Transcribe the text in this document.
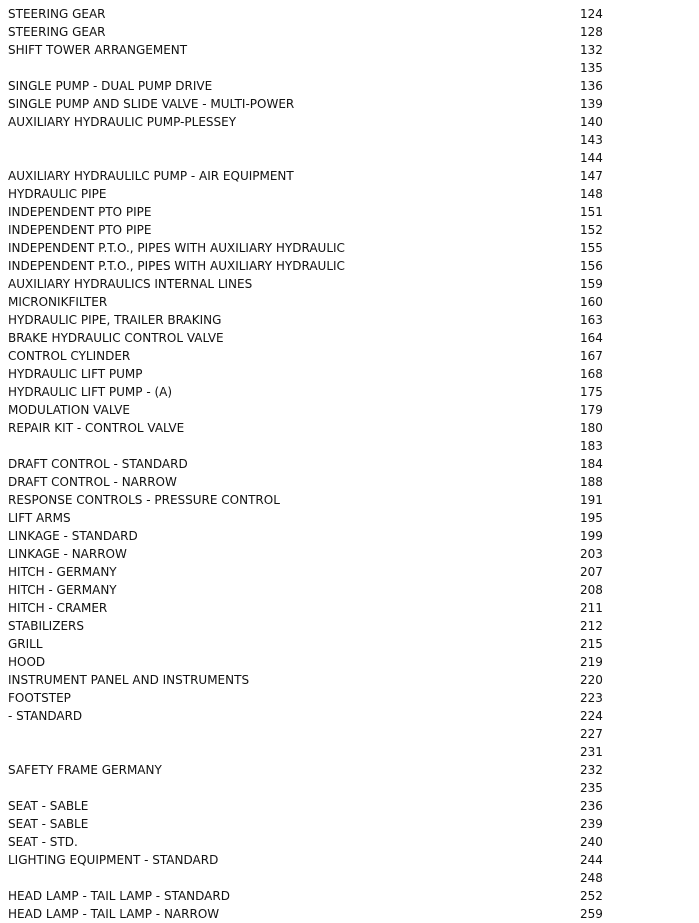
STEERING GEAR	124
STEERING GEAR	128
SHIFT TOWER ARRANGEMENT	132
135
SINGLE PUMP - DUAL PUMP DRIVE	136
SINGLE PUMP AND SLIDE VALVE - MULTI-POWER	139
AUXILIARY HYDRAULIC PUMP-PLESSEY	140
143
144
AUXILIARY HYDRAULILC PUMP - AIR EQUIPMENT	147
HYDRAULIC PIPE	148
INDEPENDENT PTO PIPE	151
INDEPENDENT PTO PIPE	152
INDEPENDENT P.T.O., PIPES WITH AUXILIARY HYDRAULIC	155
INDEPENDENT P.T.O., PIPES WITH AUXILIARY HYDRAULIC	156
AUXILIARY HYDRAULICS INTERNAL LINES	159
MICRONIKFILTER	160
HYDRAULIC PIPE, TRAILER BRAKING	163
BRAKE HYDRAULIC CONTROL VALVE	164
CONTROL CYLINDER	167
HYDRAULIC LIFT PUMP	168
HYDRAULIC LIFT PUMP - (A)	175
MODULATION VALVE	179
REPAIR KIT - CONTROL VALVE	180
183
DRAFT CONTROL - STANDARD	184
DRAFT CONTROL - NARROW	188
RESPONSE CONTROLS - PRESSURE CONTROL	191
LIFT ARMS	195
LINKAGE - STANDARD	199
LINKAGE - NARROW	203
HITCH - GERMANY	207
HITCH - GERMANY	208
HITCH - CRAMER	211
STABILIZERS	212
GRILL	215
HOOD	219
INSTRUMENT PANEL AND INSTRUMENTS	220
FOOTSTEP	223
- STANDARD	224
227
231
SAFETY FRAME GERMANY	232
235
SEAT - SABLE	236
SEAT - SABLE	239
SEAT - STD.	240
LIGHTING EQUIPMENT - STANDARD	244
248
HEAD LAMP - TAIL LAMP - STANDARD	252
HEAD LAMP - TAIL LAMP - NARROW	259
